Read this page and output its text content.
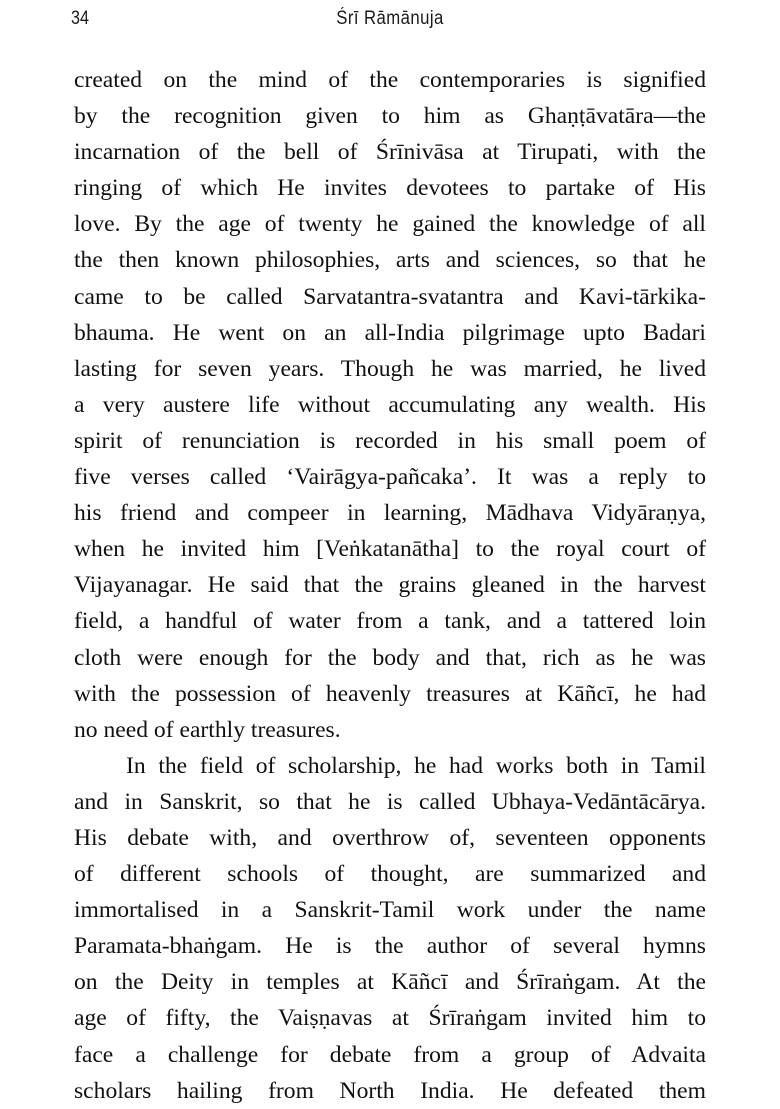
34	Śrī Rāmānuja
created on the mind of the contemporaries is signified
by the recognition given to him as Ghaṇṭāvatāra—the
incarnation of the bell of Śrīnivāsa at Tirupati, with the
ringing of which He invites devotees to partake of His
love. By the age of twenty he gained the knowledge of all
the then known philosophies, arts and sciences, so that he
came to be called Sarvatantra-svatantra and Kavi-tārkika-
bhauma. He went on an all-India pilgrimage upto Badari
lasting for seven years. Though he was married, he lived
a very austere life without accumulating any wealth. His
spirit of renunciation is recorded in his small poem of
five verses called ‘Vairāgya-pañcaka’. It was a reply to
his friend and compeer in learning, Mādhava Vidyāraṇya,
when he invited him [Veṅkatanātha] to the royal court of
Vijayanagar. He said that the grains gleaned in the harvest
field, a handful of water from a tank, and a tattered loin
cloth were enough for the body and that, rich as he was
with the possession of heavenly treasures at Kāñcī, he had
no need of earthly treasures.
In the field of scholarship, he had works both in Tamil
and in Sanskrit, so that he is called Ubhaya-Vedāntācārya.
His debate with, and overthrow of, seventeen opponents
of different schools of thought, are summarized and
immortalised in a Sanskrit-Tamil work under the name
Paramata-bhaṅgam. He is the author of several hymns
on the Deity in temples at Kāñcī and Śrīraṅgam. At the
age of fifty, the Vaiṣṇavas at Śrīraṅgam invited him to
face a challenge for debate from a group of Advaita
scholars hailing from North India. He defeated them
